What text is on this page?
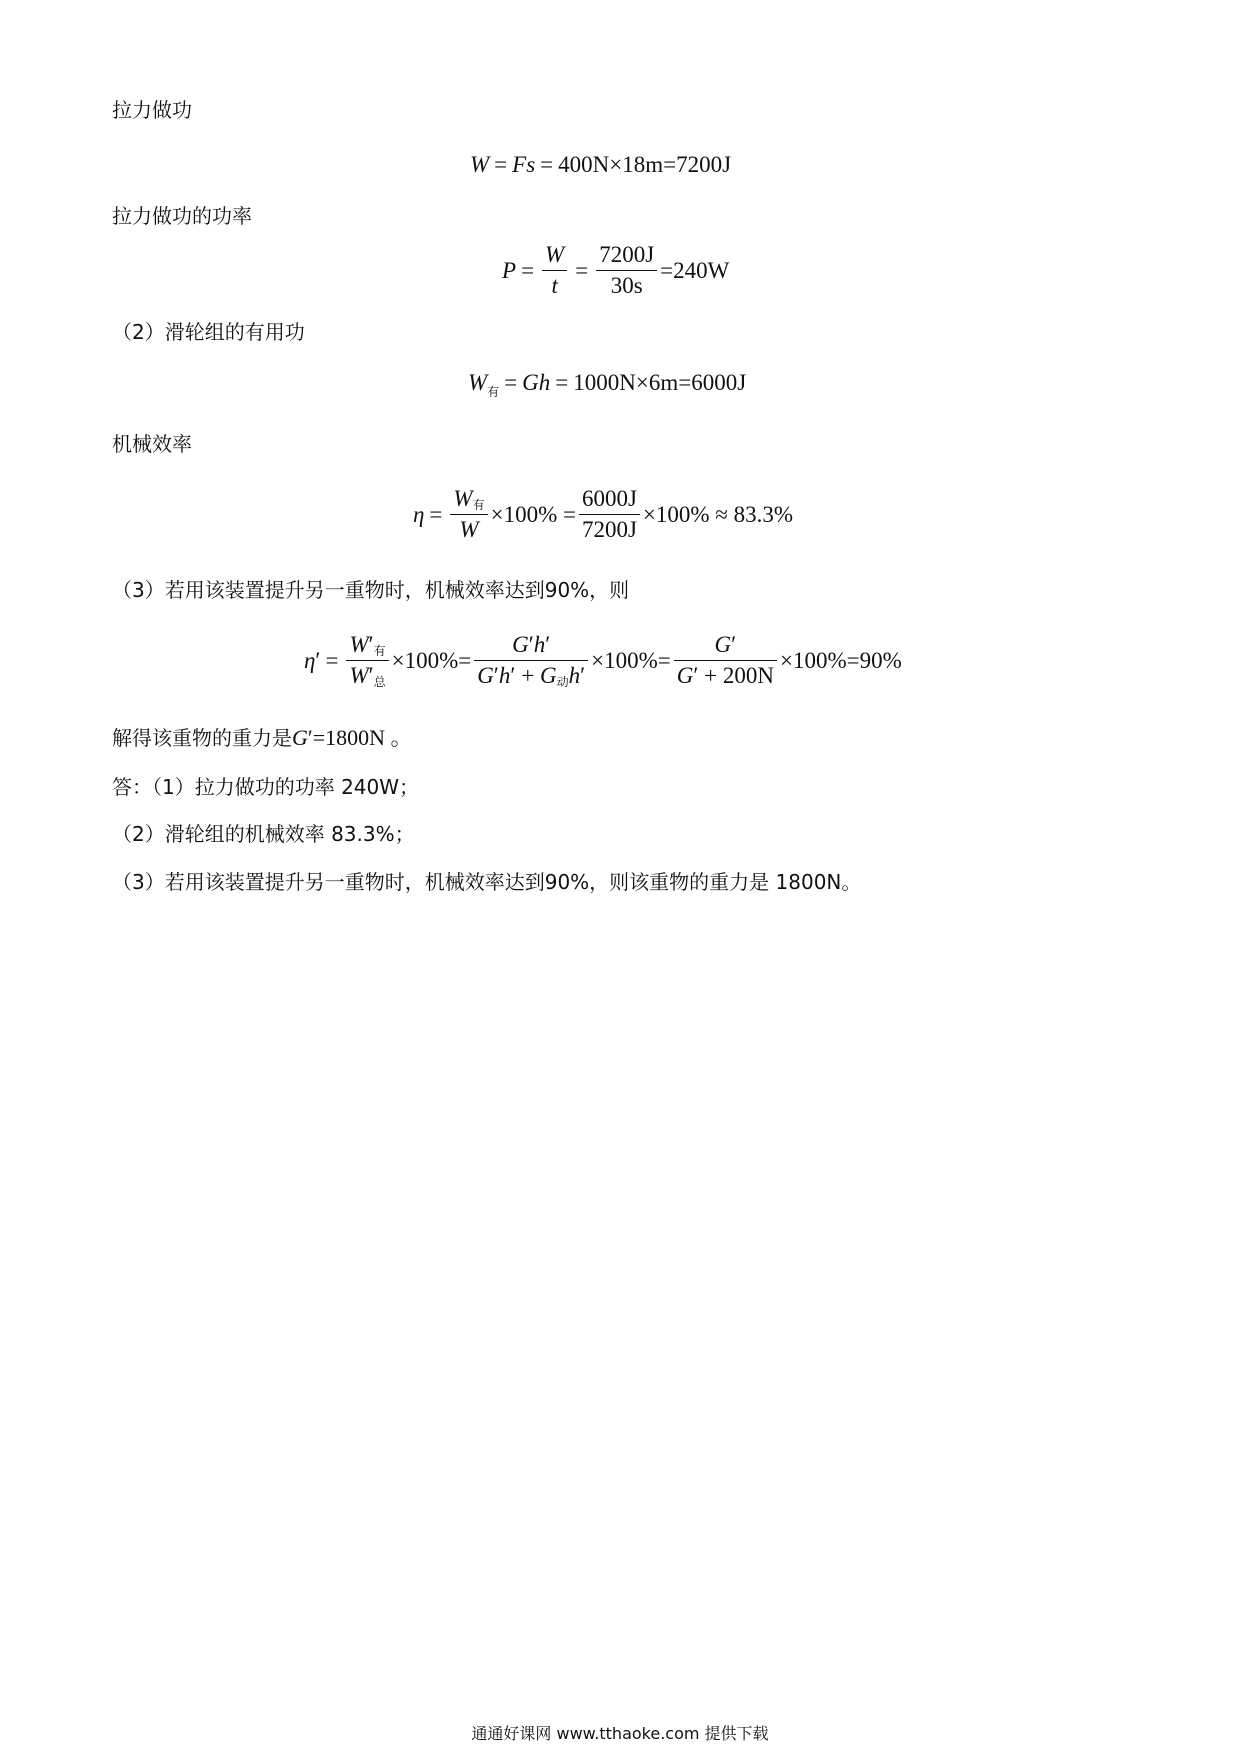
拉力做功
W = Fs = 400N×18m=7200J
拉力做功的功率
$P = \frac{W}{t} = \frac{7200J}{30s} =240W$
（2）滑轮组的有用功
W 有 = Gh = 1000N×6m=6000J
机械效率
$\eta = \frac{\text{W 有}}{W} \times 100\% = \frac{6000J}{7200J} \times 100\% \approx 83.3\%$
（3）若用该装置提升另一重物时，机械效率达到90%，则
η ′ = $\frac{\text{W ′ 有}}{\text{W ′ 总}} \times 100\%= \frac{G ' h '}{\text{G ′ h ′ + G 动 h ′}} \times 100\%= G$ ′
G ′
+ 200N ×100%=90%
解得该重物的重力是G′=1800N 。
答：（1）拉力做功的功率 240W；
（2）滑轮组的机械效率 83.3%；
（3）若用该装置提升另一重物时，机械效率达到90%，则该重物的重力是 1800N。
通通好课网 www.tthaoke.com 提供下载
